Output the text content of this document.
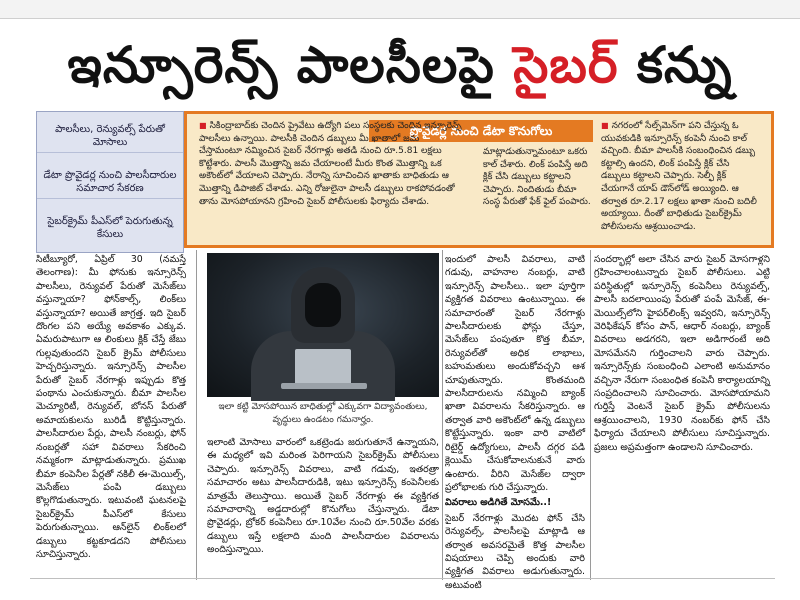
ఇన్సూరెన్స్ పాలసీలపై సైబర్ కన్ను
పాలసీలు, రెన్యువల్స్ పేరుతో మోసాలు
డేటా ప్రొవైడర్ల నుంచి పాలసీదారుల సమాచార సేకరణ
సైబర్‌క్రైమ్ పీఎస్‌లో పెరుగుతున్న కేసులు
ప్రొవైడర్ల నుంచి డేటా కొనుగోలు
■ సికింద్రాబాద్‌కు చెందిన ప్రైవేటు ఉద్యోగి పలు సంస్థలకు చెందిన ఇన్సూరెన్స్ పాలసీలు ఉన్నాయి. పాలసీకి చెందిన డబ్బులు మీ ఖాతాలో జమ చేస్తామంటూ నమ్మించిన సైబర్ నేరగాళ్లు అతడి నుంచి రూ.5.81 లక్షలు కొట్టేశారు. పాలసీ మొత్తాన్ని జమ చేయాలంటే మీరు కొంత మొత్తాన్ని ఒక అకౌంట్‌లో వేయాలని చెప్పారు. నేరాన్ని సూచించిన ఖాతాకు బాధితుడు ఆ మొత్తాన్ని డిపాజిట్ చేశాడు. ఎన్ని రోజులైనా పాలసీ డబ్బులు రాకపోవడంతో తాను మోసపోయానని గ్రహించి సైబర్ పోలీసులకు ఫిర్యాదు చేశాడు.
మాట్లాడుతున్నామంటూ ఒకరు కాల్ చేశారు. లింక్ పంపిస్తే అది క్లిక్ చేసి డబ్బులు కట్టాలని చెప్పారు. నిందితుడు బీమా సంస్థ పేరుతో ఫేక్ ఫైల్ పంపారు.
■ నగరంలో సేల్స్‌మెన్‌గా పని చేస్తున్న ఓ యువకుడికి ఇన్సూరెన్స్ కంపెనీ నుంచి కాల్ వచ్చింది. బీమా పాలసీకి సంబంధించిన డబ్బు కట్టాల్సి ఉందని, లింక్ పంపిస్తే క్లిక్ చేసి డబ్బులు కట్టాలని చెప్పారు. సెల్ఫీ క్లిక్ చేయగానే యాప్ డౌన్‌లోడ్ అయ్యింది. ఆ తర్వాత రూ.2.17 లక్షలు ఖాతా నుంచి బదిలీ అయ్యాయి. దీంతో బాధితుడు సైబర్‌క్రైమ్ పోలీసులను ఆశ్రయించాడు.
సిటీబ్యూరో, ఏప్రిల్ 30 (నమస్తే తెలంగాణ): మీ ఫోనుకు ఇన్సూరెన్స్ పాలసీలు, రెన్యువల్ పేరుతో మెసేజ్‌లు వస్తున్నాయా? ఫోన్‌కాల్స్, లింక్‌లు వస్తున్నాయా? అయితే జాగ్రత్త. ఇది సైబర్ దొంగల పని అయ్యే అవకాశం ఎక్కువ. ఏమరుపాటుగా ఆ లింకులు క్లిక్ చేస్తే జేబు గుల్లవుతుందని సైబర్ క్రైమ్ పోలీసులు హెచ్చరిస్తున్నారు. ఇన్సూరెన్స్ పాలసీల పేరుతో సైబర్ నేరగాళ్లు ఇప్పుడు కొత్త పంథాను ఎంచుకున్నారు. బీమా పాలసీల మెచ్యూరిటీ, రెన్యువల్, బోనస్ పేరుతో అమాయకులను బురిడీ కొట్టిస్తున్నారు. పాలసీదారుల పేర్లు, పాలసీ నంబర్లు, ఫోన్ నంబర్లతో సహా వివరాలు సేకరించి నమ్మకంగా మాట్లాడుతున్నారు. ప్రముఖ బీమా కంపెనీల పేర్లతో నకిలీ ఈ-మెయిల్స్, మెసేజ్‌లు పంపి డబ్బులు కొల్లగొడుతున్నారు. ఇటువంటి ఘటనలపై సైబర్‌క్రైమ్ పీఎస్‌లో కేసులు పెరుగుతున్నాయి. ఆన్‌లైన్ లింక్‌లలో డబ్బులు కట్టకూడదని పోలీసులు సూచిస్తున్నారు.
ఇలా కట్టి మోసపోయిన బాధితుల్లో ఎక్కువగా విద్యావంతులు, వృద్ధులు ఉండటం గమనార్హం.
ఇలాంటి మోసాలు వారంలో ఒకట్రెండు జరుగుతూనే ఉన్నాయని, ఈ మధ్యలో ఇవి మరింత పెరిగాయని సైబర్‌క్రైమ్ పోలీసులు చెప్పారు. ఇన్సూరెన్స్ వివరాలు, వాటి గడువు, ఇతరత్రా సమాచారం అటు పాలసీదారుడికి, ఇటు ఇన్సూరెన్స్ కంపెనీలకు మాత్రమే తెలుస్తాయి. అయితే సైబర్ నేరగాళ్లు ఈ వ్యక్తిగత సమాచారాన్ని అడ్డదారుల్లో కొనుగోలు చేస్తున్నారు. డేటా ప్రొవైడర్లు, బ్రోకర్ కంపెనీలు రూ.10వేల నుంచి రూ.50వేల వరకు డబ్బులు ఇస్తే లక్షలాది మంది పాలసీదారుల వివరాలను అందిస్తున్నాయి.
ఇందులో పాలసీ వివరాలు, వాటి గడువు, వాహనాల నంబర్లు, వాటి ఇన్సూరెన్స్ పాలసీలు.. ఇలా పూర్తిగా వ్యక్తిగత వివరాలు ఉంటున్నాయి. ఈ సమాచారంతో సైబర్ నేరగాళ్లు పాలసీదారులకు ఫోన్లు చేస్తూ, మెసేజ్‌లు పంపుతూ కొత్త బీమా, రెన్యువల్‌తో అధిక లాభాలు, బహుమతులు అందుకోవచ్చని ఆశ చూపుతున్నారు. కొంతమంది పాలసీదారులను నమ్మించి బ్యాంక్ ఖాతా వివరాలను సేకరిస్తున్నారు. ఆ తర్వాత వారి అకౌంట్‌లో ఉన్న డబ్బులు కొట్టేస్తున్నారు. ఇంకా వారి వాటిలో రిటైర్డ్ ఉద్యోగులు, పాలసీ దగ్గర పడి క్లెయిమ్ చేసుకోవాలనుకునే వారు ఉంటారు. వీరిని మెసేజ్‌ల ద్వారా ప్రలోభాలకు గురి చేస్తున్నారు.
వివరాలు అడిగితే మోసమే..!
సైబర్ నేరగాళ్లు మొదట ఫోన్ చేసి రెన్యువల్స్, పాలసీలపై మాట్లాడి ఆ తర్వాత అవసరమైతే కొత్త పాలసీల విషయాలు చెప్పి అందుకు వారి వ్యక్తిగత వివరాలు అడుగుతున్నారు. అటువంటి
సందర్భాల్లో అలా చేసిన వారు సైబర్ మోసగాళ్లని గ్రహించాలంటున్నారు సైబర్ పోలీసులు. ఎట్టి పరిస్థితుల్లో ఇన్సూరెన్స్ కంపెనీలు రెన్యువల్స్, పాలసీ బదలాయింపు పేరుతో పంపే మెసేజ్, ఈ-మెయిల్స్‌లోని హైపర్‌లింక్స్ ఇవ్వరని, ఇన్సూరెన్స్ వెరిఫికేషన్ కోసం పాన్, ఆధార్ నంబర్లు, బ్యాంక్ వివరాలు అడగరని, ఇలా అడిగారంటే అది మోసమేనని గుర్తించాలని వారు చెప్పారు. ఇన్సూరెన్స్‌కు సంబంధించి ఎలాంటి అనుమానం వచ్చినా నేరుగా సంబంధిత కంపెనీ కార్యాలయాన్ని సంప్రదించాలని సూచించారు. మోసపోయామని గుర్తిస్తే వెంటనే సైబర్ క్రైమ్ పోలీసులను ఆశ్రయించాలని, 1930 నంబర్‌కు ఫోన్ చేసి ఫిర్యాదు చేయాలని పోలీసులు సూచిస్తున్నారు. ప్రజలు అప్రమత్తంగా ఉండాలని సూచించారు.
